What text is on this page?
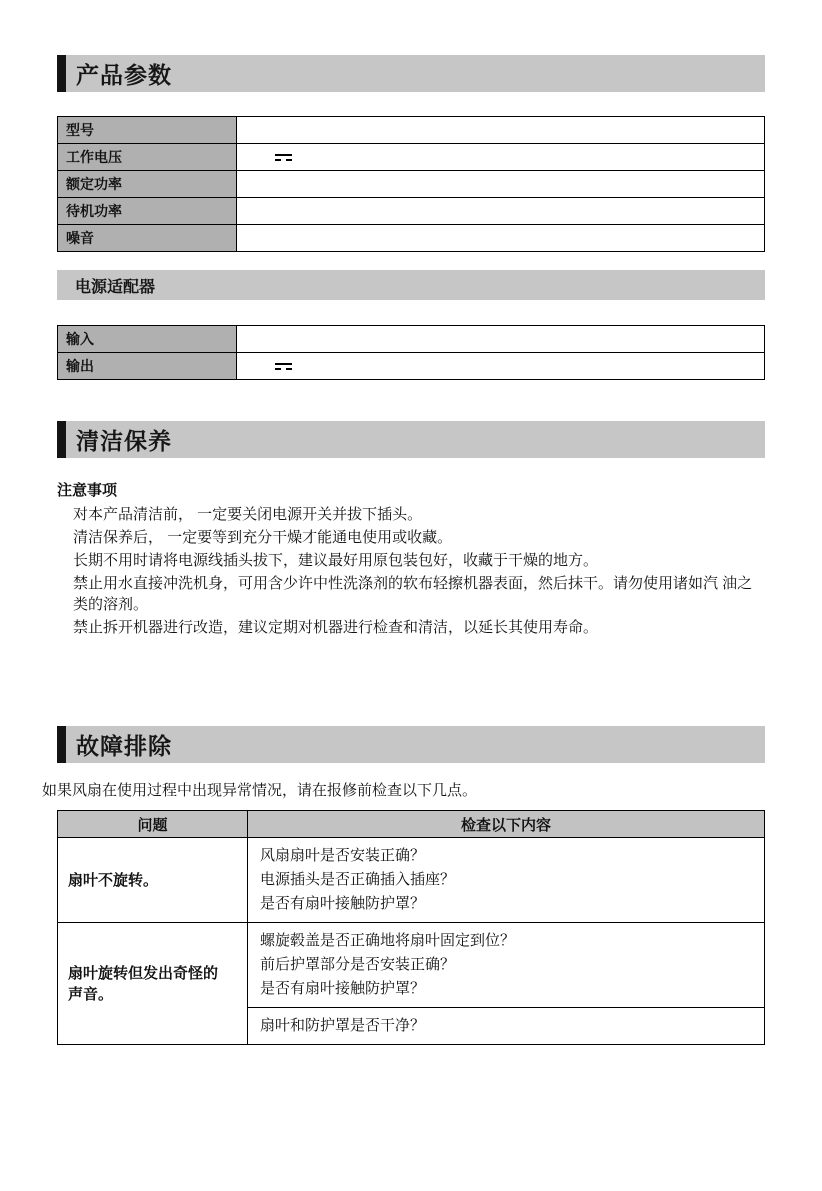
产品参数
型号
工作电压
额定功率
待机功率
噪音
电源适配器
输入
输出
清洁保养
注意事项

对本产品清洁前， 一定要关闭电源开关并拔下插头。

清洁保养后， 一定要等到充分干燥才能通电使用或收藏。

长期不用时请将电源线插头拔下，建议最好用原包装包好，收藏于干燥的地方。

禁止用水直接冲洗机身，可用含少许中性洗涤剂的软布轻擦机器表面，然后抹干。请勿使用诸如汽 油之类的溶剂。

禁止拆开机器进行改造，建议定期对机器进行检查和清洁，以延长其使用寿命。

故障排除

如果风扇在使用过程中出现异常情况，请在报修前检查以下几点。

问题	检查以下内容
扇叶不旋转。	风扇扇叶是否安装正确？
电源插头是否正确插入插座？
是否有扇叶接触防护罩？

扇叶旋转但发出奇怪的 声音。	螺旋毂盖是否正确地将扇叶固定到位？
前后护罩部分是否安装正确？
是否有扇叶接触防护罩？

	扇叶和防护罩是否干净？
